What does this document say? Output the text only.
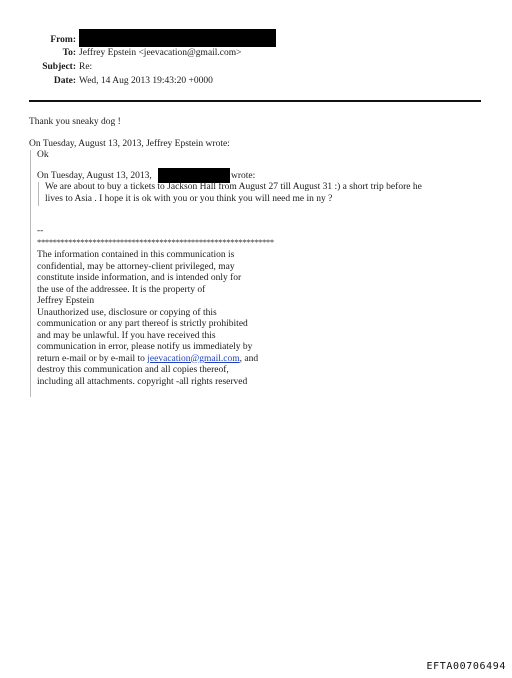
From:
To: Jeffrey Epstein <jeevacation@gmail.com>
Subject: Re:
Date: Wed, 14 Aug 2013 19:43:20 +0000
Thank you sneaky dog !
On Tuesday, August 13, 2013, Jeffrey Epstein wrote:
Ok
On Tuesday, August 13, 2013,	wrote:
We are about to buy a tickets to Jackson Hall from August 27 till August 31 :) a short trip before he
lives to Asia . I hope it is ok with you or you think you will need me in ny ?
--
************************************************************
The information contained in this communication is
confidential, may be attorney-client privileged, may
constitute inside information, and is intended only for
the use of the addressee. It is the property of
Jeffrey Epstein
Unauthorized use, disclosure or copying of this
communication or any part thereof is strictly prohibited
and may be unlawful. If you have received this
communication in error, please notify us immediately by
return e-mail or by e-mail to jeevacation@gmail.com, and
destroy this communication and all copies thereof,
including all attachments. copyright -all rights reserved
EFTA00706494
